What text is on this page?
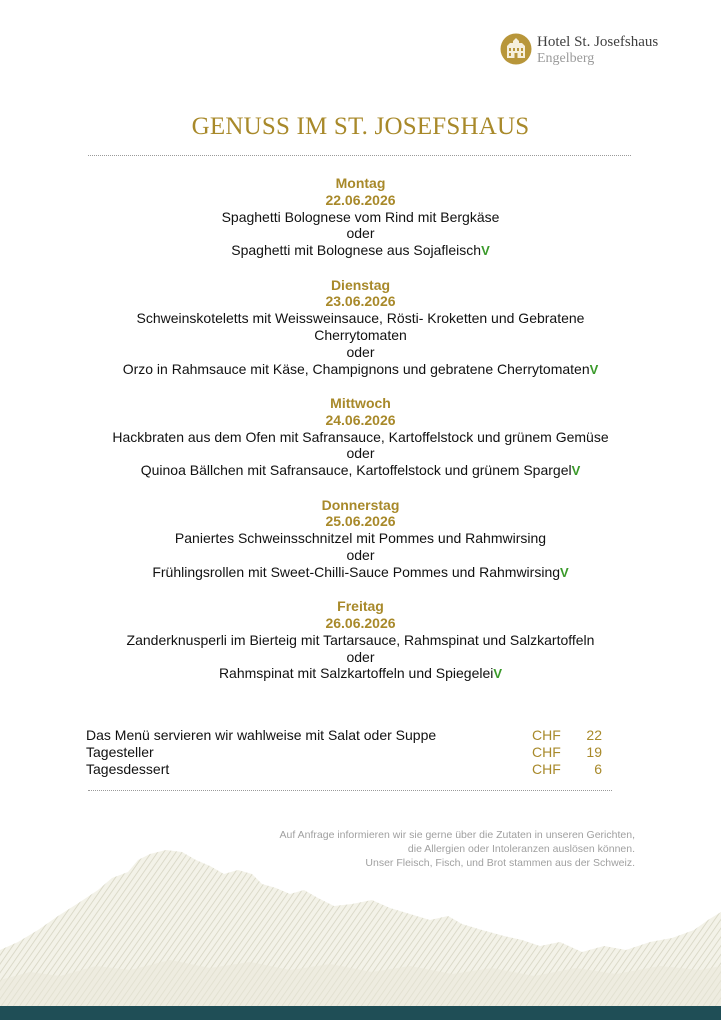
Hotel St. Josefshaus
Engelberg
GENUSS IM ST. JOSEFSHAUS
Montag
22.06.2026
Spaghetti Bolognese vom Rind mit Bergkäse
oder
Spaghetti mit Bolognese aus SojafleischV
Dienstag
23.06.2026
Schweinskoteletts mit Weissweinsauce, Rösti- Kroketten und Gebratene
Cherrytomaten
oder
Orzo in Rahmsauce mit Käse, Champignons und gebratene CherrytomatenV
Mittwoch
24.06.2026
Hackbraten aus dem Ofen mit Safransauce, Kartoffelstock und grünem Gemüse
oder
Quinoa Bällchen mit Safransauce, Kartoffelstock und grünem SpargelV
Donnerstag
25.06.2026
Paniertes Schweinsschnitzel mit Pommes und Rahmwirsing
oder
Frühlingsrollen mit Sweet-Chilli-Sauce Pommes und RahmwirsingV
Freitag
26.06.2026
Zanderknusperli im Bierteig mit Tartarsauce, Rahmspinat und Salzkartoffeln
oder
Rahmspinat mit Salzkartoffeln und SpiegeleiV
Das Menü servieren wir wahlweise mit Salat oder Suppe	CHF	22
Tagesteller	CHF	19
Tagesdessert	CHF	6
Auf Anfrage informieren wir sie gerne über die Zutaten in unseren Gerichten,
die Allergien oder Intoleranzen auslösen können.
Unser Fleisch, Fisch, und Brot stammen aus der Schweiz.
